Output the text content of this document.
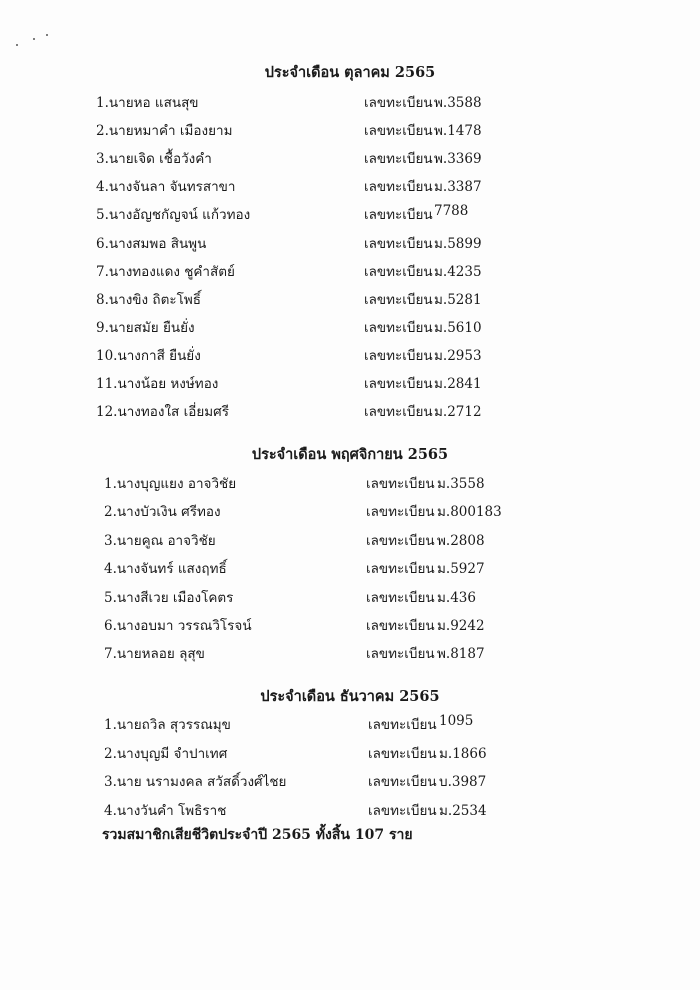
ประจำเดือน ตุลาคม 2565
1.นายหอ แสนสุข	เลขทะเบียน พ.3588
2.นายหมาคำ เมืองยาม	เลขทะเบียน พ.1478
3.นายเจิด เชื้อวังคำ	เลขทะเบียน พ.3369
4.นางจันลา จันทรสาขา	เลขทะเบียน ม.3387
5.นางอัญชกัญจน์ แก้วทอง	เลขทะเบียน 7788
6.นางสมพอ สินพูน	เลขทะเบียน ม.5899
7.นางทองแดง ชูคำสัตย์	เลขทะเบียน ม.4235
8.นางขิง ถิตะโพธิ์	เลขทะเบียน ม.5281
9.นายสมัย ยืนยั่ง	เลขทะเบียน ม.5610
10.นางกาสี ยืนยั่ง	เลขทะเบียน ม.2953
11.นางน้อย หงษ์ทอง	เลขทะเบียน ม.2841
12.นางทองใส เอี่ยมศรี	เลขทะเบียน ม.2712
ประจำเดือน พฤศจิกายน 2565
1.นางบุญแยง อาจวิชัย	เลขทะเบียน ม.3558
2.นางบัวเงิน ศรีทอง	เลขทะเบียน ม.800183
3.นายคูณ อาจวิชัย	เลขทะเบียน พ.2808
4.นางจันทร์ แสงฤทธิ์	เลขทะเบียน ม.5927
5.นางสีเวย เมืองโคตร	เลขทะเบียน ม.436
6.นางอบมา วรรณวิโรจน์	เลขทะเบียน ม.9242
7.นายหลอย ลุสุข	เลขทะเบียน พ.8187
ประจำเดือน ธันวาคม 2565
1.นายถวิล สุวรรณมุข	เลขทะเบียน 1095
2.นางบุญมี จำปาเทศ	เลขทะเบียน ม.1866
3.นาย นรามงคล สวัสดิ์วงศ์ไชย	เลขทะเบียน บ.3987
4.นางวันคำ โพธิราช	เลขทะเบียน ม.2534
รวมสมาชิกเสียชีวิตประจำปี 2565 ทั้งสิ้น 107 ราย
